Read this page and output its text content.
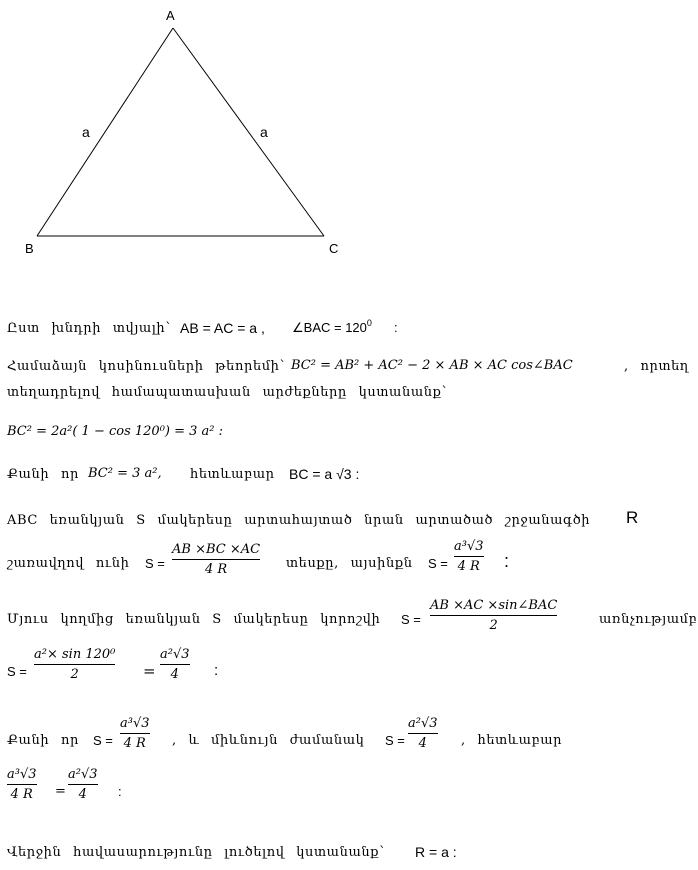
A
B	C
a	a
Ըստ խնդրի տվյալի՝ AB = AC = a , ∠BAC = $120^0$ :
Համաձայն կոսինուսների թեորեմի՝ BC² = AB² + AC² − 2 × AB × AC cos∠BAC	, որտեղ
տեղադրելով համապատասխան արժեքները կստանանք՝
BC² = 2a²( 1 − cos 120⁰) = 3 a² :
Քանի որ BC² = 3 a², հետևաբար BC = a √3 :
ABC եռանկյան S մակերեսը արտահայտած նրան արտածած շրջանագծի R
շառավղով ունի S =
AB ×BC ×AC
4 R	տեսքը, այսինքն S =
a³√3
4 R :
Մյուս կողմից եռանկյան S մակերեսը կորոշվի S =
AB ×AC ×sin∠BAC
2	առնչությամբ
S =
a²× sin 120⁰
2	=
a²√3
4 :
Քանի որ S =
a³√3
4 R , և միևնույն ժամանակ S =
a²√3
4	, հետևաբար
a³√3
4 R =
a²√3
4 :
Վերջին հավասարությունը լուծելով կստանանք՝ R = a :
